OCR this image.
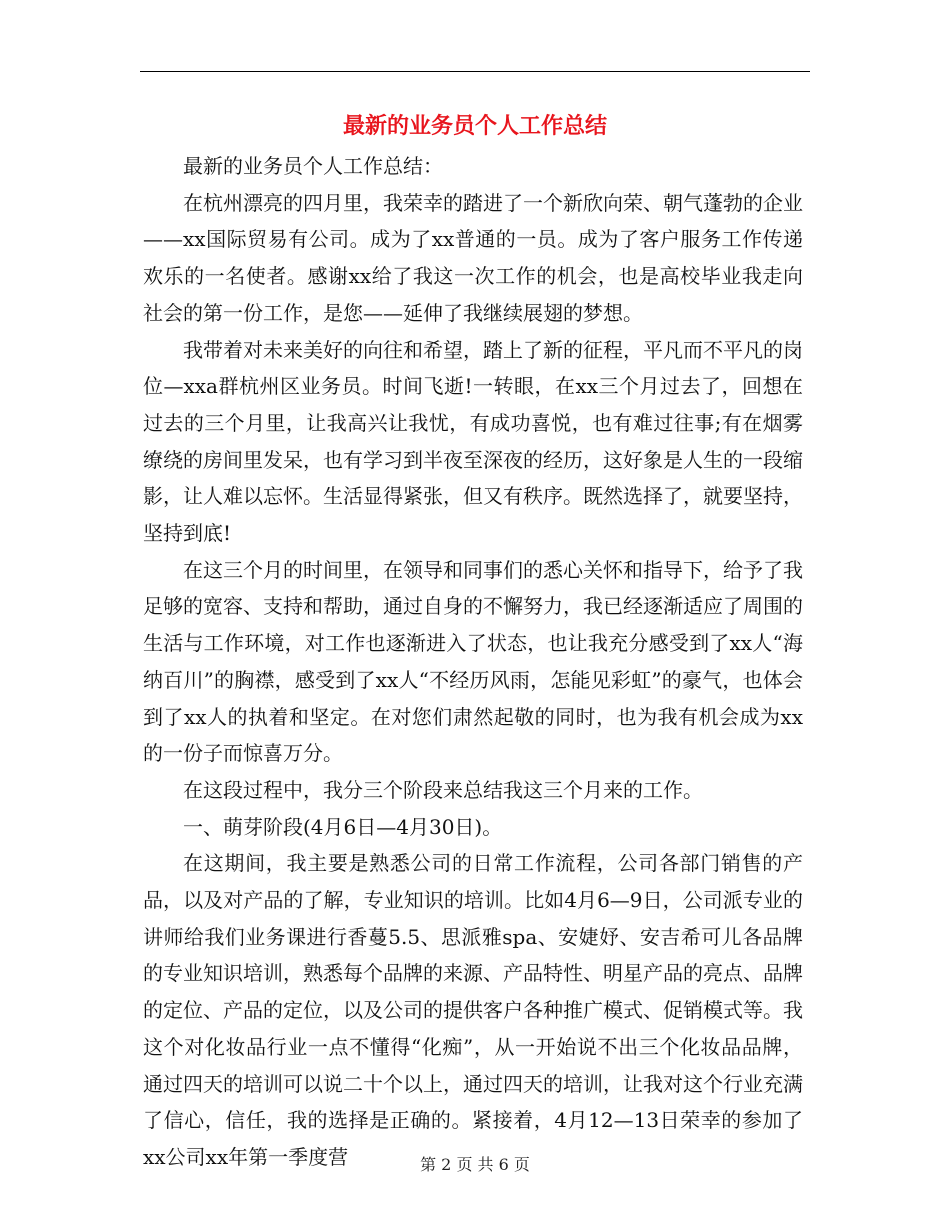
最新的业务员个人工作总结

最新的业务员个人工作总结：

在杭州漂亮的四月里，我荣幸的踏进了一个新欣向荣、朝气蓬勃的企业——xx国际贸易有公司。成为了xx普通的一员。成为了客户服务工作传递欢乐的一名使者。感谢xx给了我这一次工作的机会，也是高校毕业我走向社会的第一份工作，是您——延伸了我继续展翅的梦想。

我带着对未来美好的向往和希望，踏上了新的征程，平凡而不平凡的岗位—xxa群杭州区业务员。时间飞逝!一转眼，在xx三个月过去了，回想在过去的三个月里，让我高兴让我忧，有成功喜悦，也有难过往事;有在烟雾缭绕的房间里发呆，也有学习到半夜至深夜的经历，这好象是人生的一段缩影，让人难以忘怀。生活显得紧张，但又有秩序。既然选择了，就要坚持，坚持到底!

在这三个月的时间里，在领导和同事们的悉心关怀和指导下，给予了我足够的宽容、支持和帮助，通过自身的不懈努力，我已经逐渐适应了周围的生活与工作环境，对工作也逐渐进入了状态，也让我充分感受到了xx人“海纳百川”的胸襟，感受到了xx人“不经历风雨，怎能见彩虹”的豪气，也体会到了xx人的执着和坚定。在对您们肃然起敬的同时，也为我有机会成为xx的一份子而惊喜万分。

在这段过程中，我分三个阶段来总结我这三个月来的工作。

一、萌芽阶段(4月6日—4月30日)。

在这期间，我主要是熟悉公司的日常工作流程，公司各部门销售的产品，以及对产品的了解，专业知识的培训。比如4月6—9日，公司派专业的讲师给我们业务课进行香蔓5.5、思派雅spa、安婕妤、安吉希可儿各品牌的专业知识培训，熟悉每个品牌的来源、产品特性、明星产品的亮点、品牌的定位、产品的定位，以及公司的提供客户各种推广模式、促销模式等。我这个对化妆品行业一点不懂得“化痴”，从一开始说不出三个化妆品品牌，通过四天的培训可以说二十个以上，通过四天的培训，让我对这个行业充满了信心，信任，我的选择是正确的。紧接着，4月12—13日荣幸的参加了xx公司xx年第一季度营	第 2 页 共 6 页
